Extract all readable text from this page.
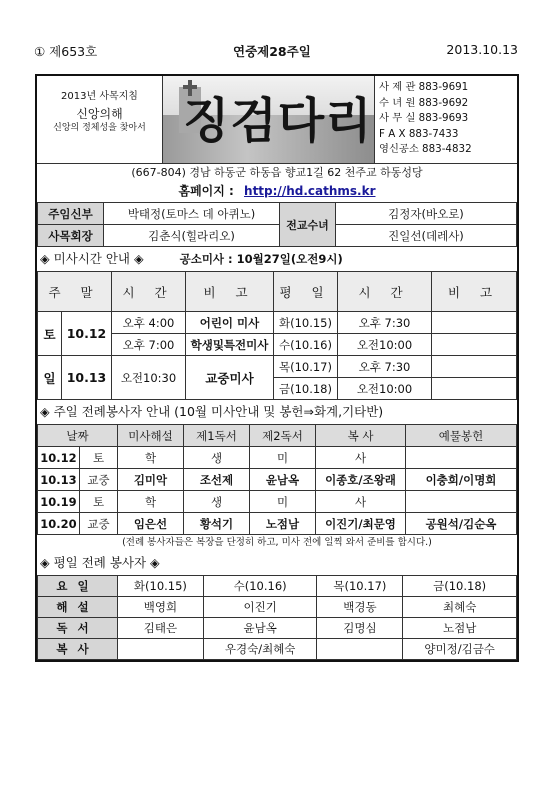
① 제653호	연중제28주일	2013.10.13
2013년 사목지침
신앙의해
신앙의 정체성을 찾아서 징검다리
사 제 관 883-9691
수 녀 원 883-9692
사 무 실 883-9693
F A X 883-7433
영신공소 883-4832
(667-804) 경남 하동군 하동읍 향교1길 62 천주교 하동성당
홈페이지 : http://hd.cathms.kr
주임신부	박태정(토마스 데 아퀴노)	전교수녀	김정자(바오로)
사목회장	김춘식(힐라리오)		진일선(데레사)
◈ 미사시간 안내 ◈	공소미사 : 10월27일(오전9시)
주 말		시 간	비 고	평 일	시 간	비 고
토	10.12	오후 4:00	어린이 미사	화(10.15)	오후 7:30	
		오후 7:00	학생및특전미사	수(10.16)	오전10:00	
일	10.13	오전10:30	교중미사	목(10.17)	오후 7:30	
				금(10.18)	오전10:00	
◈ 주일 전례봉사자 안내 (10월 미사안내 및 봉헌⇒화계,기타반)
날짜		미사해설	제1독서	제2독서	복 사	예물봉헌
10.12	토	학	생	미	사	
10.13	교중	김미악	조선제	윤남옥	이종호/조왕래	이충희/이명희
10.19	토	학	생	미	사	
10.20	교중	임은선	황석기	노점남	이진기/최문영	공원석/김순옥
(전례 봉사자들은 복장을 단정히 하고, 미사 전에 일찍 와서 준비를 합시다.)
◈ 평일 전례 봉사자 ◈
요일	화(10.15)	수(10.16)	목(10.17)	금(10.18)
해설	백영희	이진기	백경동	최혜숙
독서	김태은	윤남옥	김명심	노점남
복사		우경숙/최혜숙		양미정/김금수
